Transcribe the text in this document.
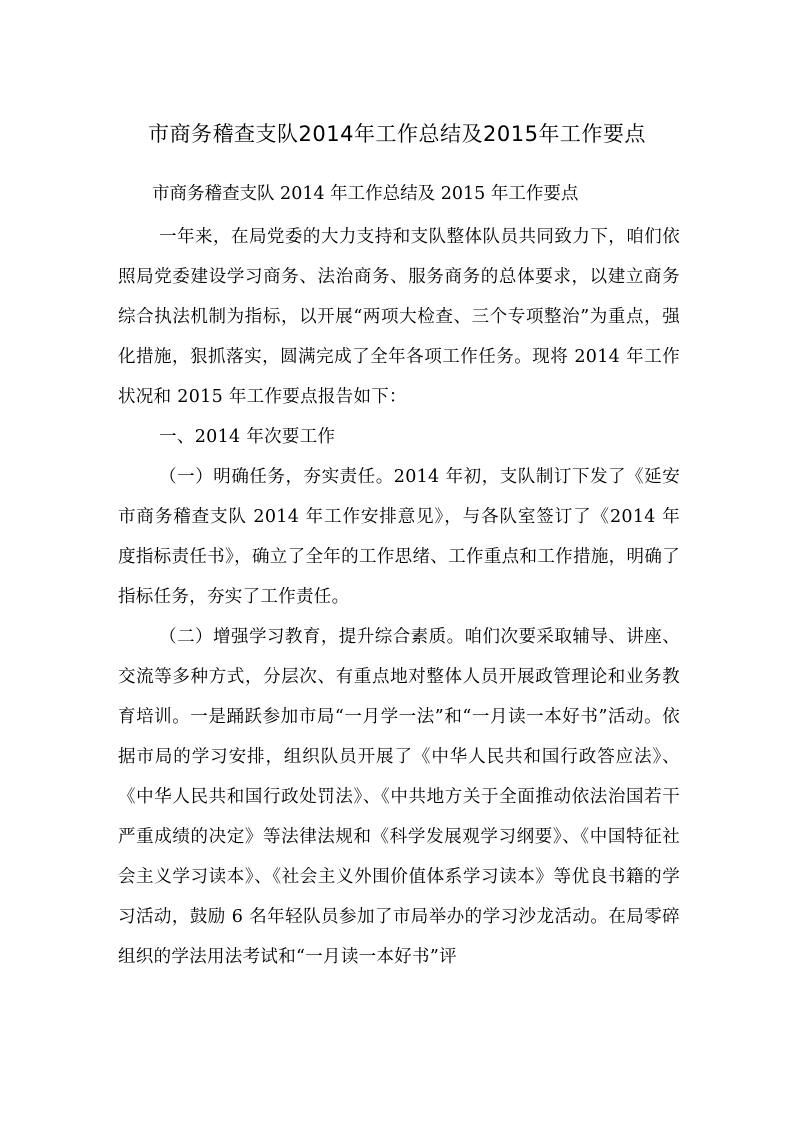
市商务稽查支队2014年工作总结及2015年工作要点
市商务稽查支队 2014 年工作总结及 2015 年工作要点

一年来，在局党委的大力支持和支队整体队员共同致力下，咱们依照局党委建设学习商务、法治商务、服务商务的总体要求，以建立商务综合执法机制为指标，以开展“两项大检查、三个专项整治”为重点，强化措施，狠抓落实，圆满完成了全年各项工作任务。现将 2014 年工作状况和 2015 年工作要点报告如下：

一、2014 年次要工作

（一）明确任务，夯实责任。2014 年初，支队制订下发了《延安市商务稽查支队 2014 年工作安排意见》，与各队室签订了《2014 年度指标责任书》，确立了全年的工作思绪、工作重点和工作措施，明确了指标任务，夯实了工作责任。

（二）增强学习教育，提升综合素质。咱们次要采取辅导、讲座、交流等多种方式，分层次、有重点地对整体人员开展政管理论和业务教育培训。一是踊跃参加市局“一月学一法”和“一月读一本好书”活动。依据市局的学习安排，组织队员开展了《中华人民共和国行政答应法》、《中华人民共和国行政处罚法》、《中共地方关于全面推动依法治国若干严重成绩的决定》等法律法规和《科学发展观学习纲要》、《中国特征社会主义学习读本》、《社会主义外围价值体系学习读本》等优良书籍的学习活动，鼓励 6 名年轻队员参加了市局举办的学习沙龙活动。在局零碎组织的学法用法考试和“一月读一本好书”评
